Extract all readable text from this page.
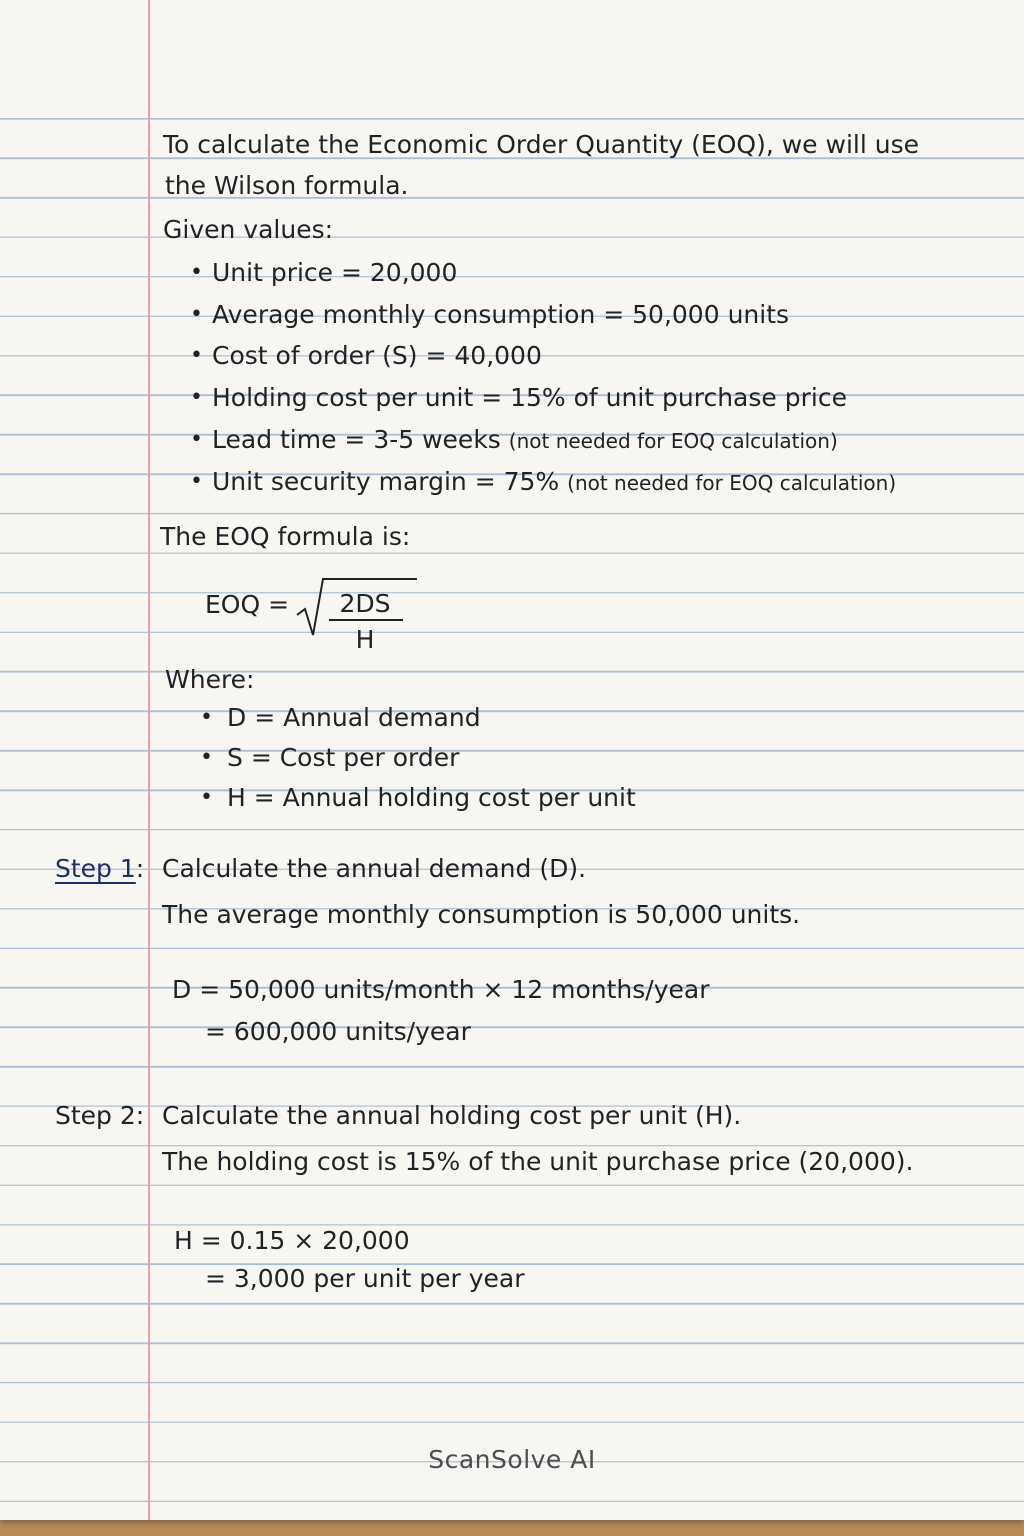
To calculate the Economic Order Quantity (EOQ), we will use
the Wilson formula.
Given values:
• Unit price = 20,000
• Average monthly consumption = 50,000 units
• Cost of order (S) = 40,000
• Holding cost per unit = 15% of unit purchase price
• Lead time = 3-5 weeks (not needed for EOQ calculation)
• Unit security margin = 75% (not needed for EOQ calculation)
The EOQ formula is:
EOQ = 2DS
H
Where:
• D = Annual demand
• S = Cost per order
• H = Annual holding cost per unit
Step 1: Calculate the annual demand (D).
The average monthly consumption is 50,000 units.
D = 50,000 units/month × 12 months/year
= 600,000 units/year
Step 2: Calculate the annual holding cost per unit (H).
The holding cost is 15% of the unit purchase price (20,000).
H = 0.15 × 20,000
= 3,000 per unit per year
ScanSolve AI
